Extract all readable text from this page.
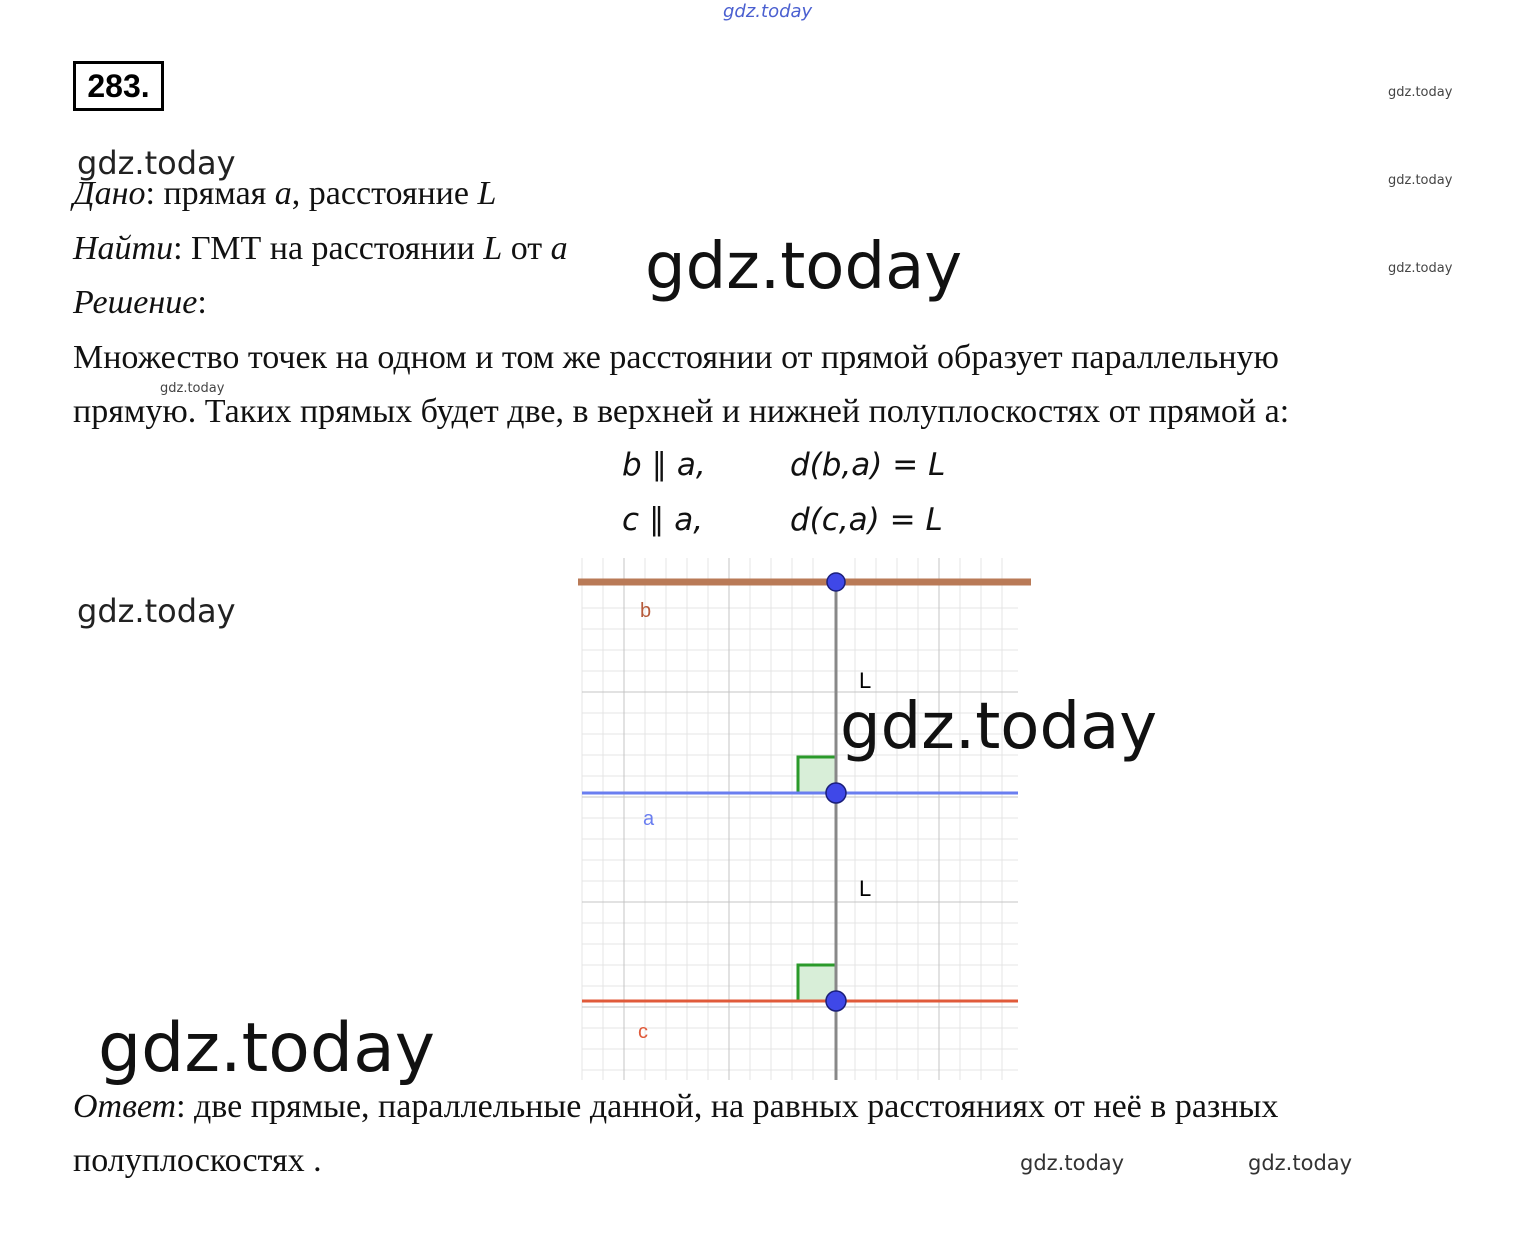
gdz.today
gdz.today
gdz.today
gdz.today
gdz.today
gdz.today
gdz.today
283.
Дано: прямая a, расстояние L
Найти: ГМТ на расстоянии L от a
Решение:
Множество точек на одном и том же расстоянии от прямой образует параллельную
прямую. Таких прямых будет две, в верхней и нижней полуплоскостях от прямой а:
b ∥ a,	d(b,a) = L
c ∥ a,	d(c,a) = L
b
a
c
L
L
gdz.today
gdz.today
gdz.today
Ответ: две прямые, параллельные данной, на равных расстояниях от неё в разных
полуплоскостях .	gdz.today	gdz.today
